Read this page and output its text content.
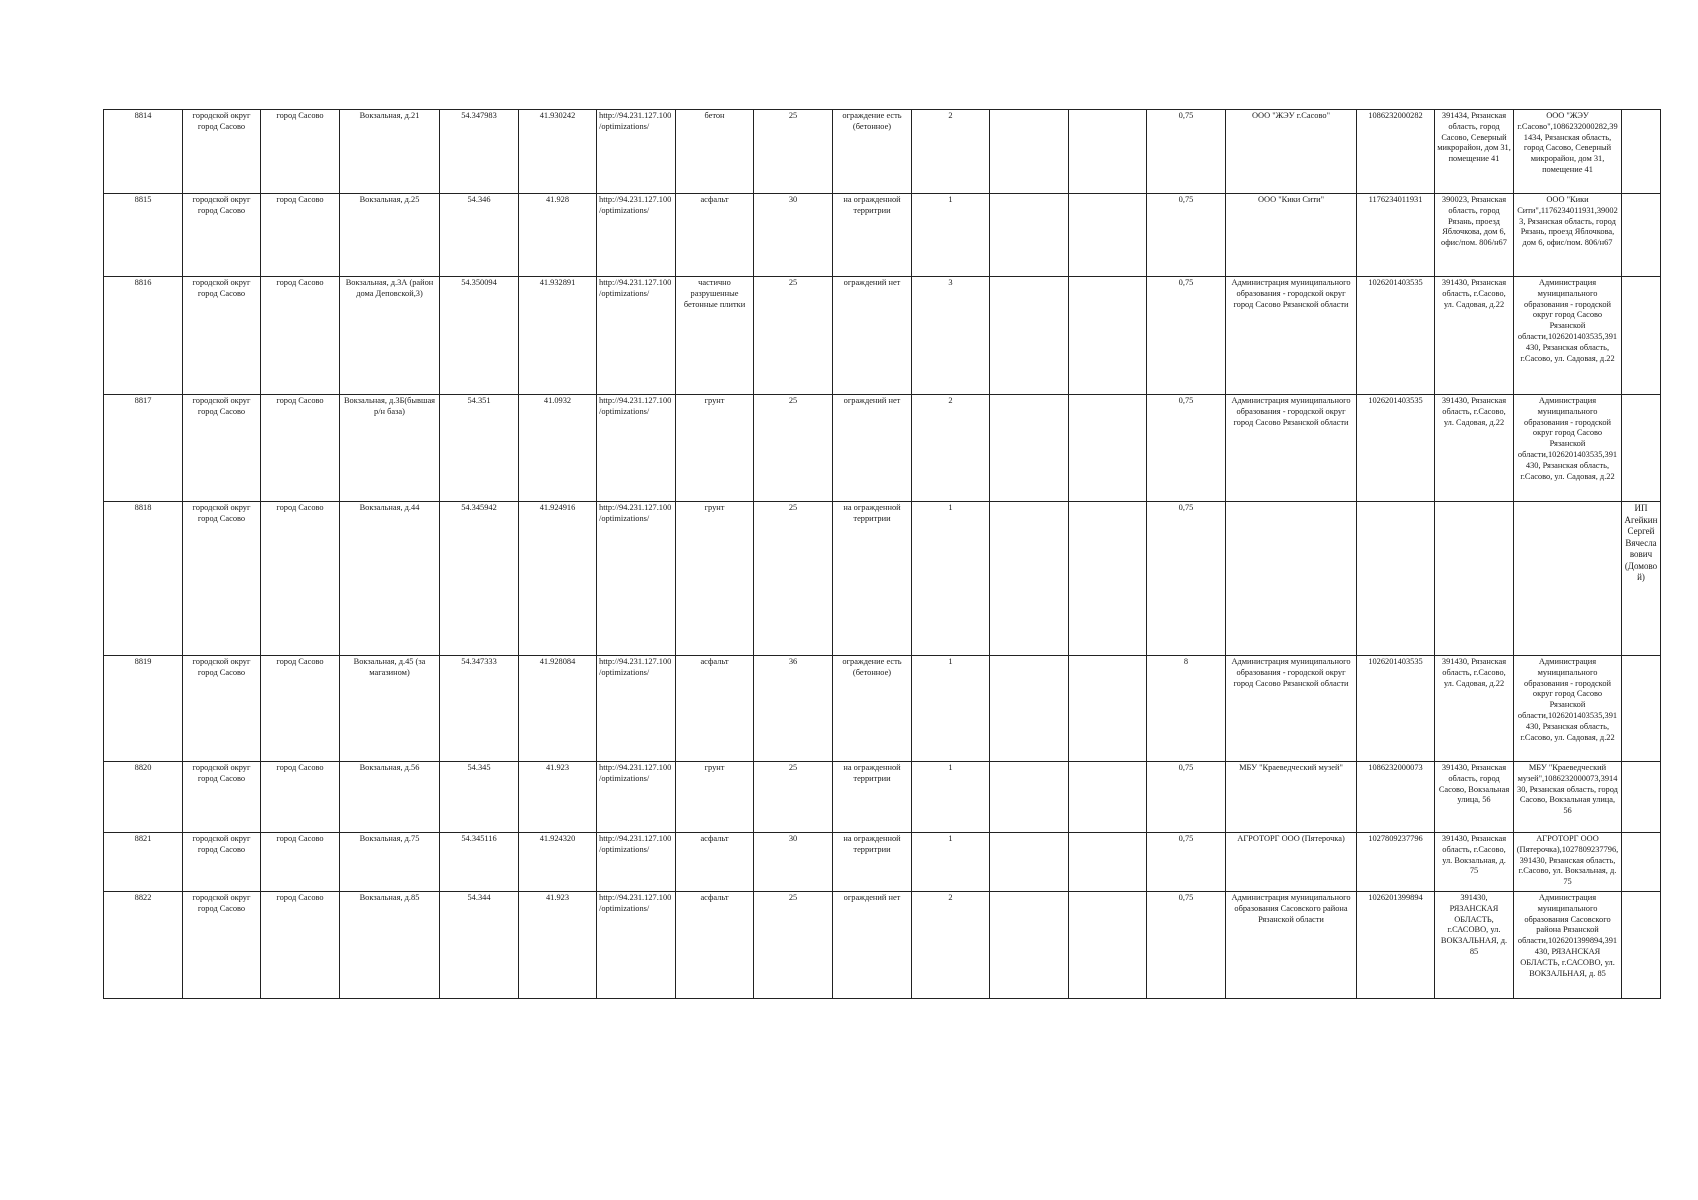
8814	городской округ город Сасово	город Сасово	Вокзальная, д.21	54.347983	41.930242	http://94.231.127.100/optimizations/	бетон	25	ограждение есть (бетонное)	2			0,75	ООО "ЖЭУ г.Сасово"	1086232000282	391434, Рязанская область, город Сасово, Северный микрорайон, дом 31, помещение 41	ООО "ЖЭУ г.Сасово",1086232000282,391434, Рязанская область, город Сасово, Северный микрорайон, дом 31, помещение 41	
8815	городской округ город Сасово	город Сасово	Вокзальная, д.25	54.346	41.928	http://94.231.127.100/optimizations/	асфальт	30	на огражденной территрии	1			0,75	ООО "Кики Сити"	1176234011931	390023, Рязанская область, город Рязань, проезд Яблочкова, дом 6, офис/пом. 806/н67	ООО "Кики Сити",1176234011931,390023, Рязанская область, город Рязань, проезд Яблочкова, дом 6, офис/пом. 806/н67	
8816	городской округ город Сасово	город Сасово	Вокзальная, д.3А (район дома Деповской,3)	54.350094	41.932891	http://94.231.127.100/optimizations/	частично разрушенные бетонные плитки	25	ограждений нет	3			0,75	Администрация муниципального образования - городской округ город Сасово Рязанской области	1026201403535	391430, Рязанская область, г.Сасово, ул. Садовая, д.22	Администрация муниципального образования - городской округ город Сасово Рязанской области,1026201403535,391430, Рязанская область, г.Сасово, ул. Садовая, д.22	
8817	городской округ город Сасово	город Сасово	Вокзальная, д.3Б(бывшая р/н база)	54.351	41.0932	http://94.231.127.100/optimizations/	грунт	25	ограждений нет	2			0,75	Администрация муниципального образования - городской округ город Сасово Рязанской области	1026201403535	391430, Рязанская область, г.Сасово, ул. Садовая, д.22	Администрация муниципального образования - городской округ город Сасово Рязанской области,1026201403535,391430, Рязанская область, г.Сасово, ул. Садовая, д.22	
8818	городской округ город Сасово	город Сасово	Вокзальная, д.44	54.345942	41.924916	http://94.231.127.100/optimizations/	грунт	25	на огражденной территрии	1			0,75					ИП Агейкин Сергей Вячеславович (Домово й)
8819	городской округ город Сасово	город Сасово	Вокзальная, д.45 (за магазином)	54.347333	41.928084	http://94.231.127.100/optimizations/	асфальт	36	ограждение есть (бетонное)	1			8	Администрация муниципального образования - городской округ город Сасово Рязанской области	1026201403535	391430, Рязанская область, г.Сасово, ул. Садовая, д.22	Администрация муниципального образования - городской округ город Сасово Рязанской области,1026201403535,391430, Рязанская область, г.Сасово, ул. Садовая, д.22	
8820	городской округ город Сасово	город Сасово	Вокзальная, д.56	54.345	41.923	http://94.231.127.100/optimizations/	грунт	25	на огражденной территрии	1			0,75	МБУ "Краеведческий музей"	1086232000073	391430, Рязанская область, город Сасово, Вокзальная улица, 56	МБУ "Краеведческий музей",1086232000073,391430, Рязанская область, город Сасово, Вокзальная улица, 56	
8821	городской округ город Сасово	город Сасово	Вокзальная, д.75	54.345116	41.924320	http://94.231.127.100/optimizations/	асфальт	30	на огражденной территрии	1			0,75	АГРОТОРГ ООО (Пятерочка)	1027809237796	391430, Рязанская область, г.Сасово, ул. Вокзальная, д. 75	АГРОТОРГ ООО (Пятерочка),1027809237796,391430, Рязанская область, г.Сасово, ул. Вокзальная, д. 75	
8822	городской округ город Сасово	город Сасово	Вокзальная, д.85	54.344	41.923	http://94.231.127.100/optimizations/	асфальт	25	ограждений нет	2			0,75	Администрация муниципального образования Сасовского района Рязанской области	1026201399894	391430, РЯЗАНСКАЯ ОБЛАСТЬ, г.САСОВО, ул. ВОКЗАЛЬНАЯ, д. 85	Администрация муниципального образования Сасовского района Рязанской области,1026201399894,391430, РЯЗАНСКАЯ ОБЛАСТЬ, г.САСОВО, ул. ВОКЗАЛЬНАЯ, д. 85	
